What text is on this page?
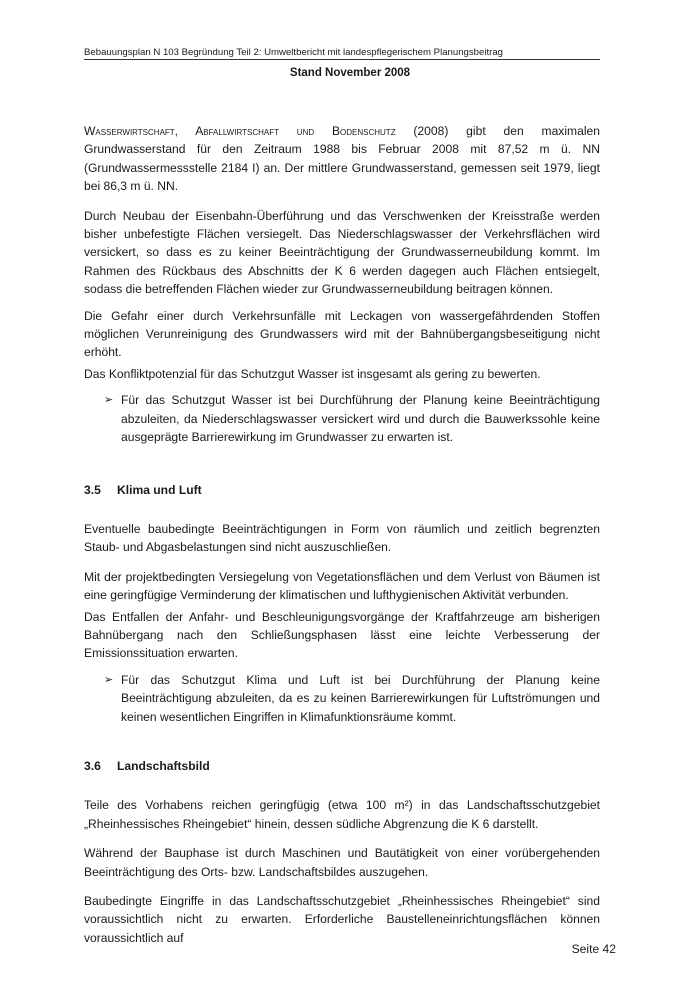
Bebauungsplan N 103 Begründung Teil 2: Umweltbericht mit landespflegerischem Planungsbeitrag
Stand November 2008

Wasserwirtschaft, Abfallwirtschaft und Bodenschutz (2008) gibt den maximalen Grundwasserstand für den Zeitraum 1988 bis Februar 2008 mit 87,52 m ü. NN (Grundwassermessstelle 2184 I) an. Der mittlere Grundwasserstand, gemessen seit 1979, liegt bei 86,3 m ü. NN.

Durch Neubau der Eisenbahn-Überführung und das Verschwenken der Kreisstraße werden bisher unbefestigte Flächen versiegelt. Das Niederschlagswasser der Verkehrsflächen wird versickert, so dass es zu keiner Beeinträchtigung der Grundwasserneubildung kommt. Im Rahmen des Rückbaus des Abschnitts der K 6 werden dagegen auch Flächen entsiegelt, sodass die betreffenden Flächen wieder zur Grundwasserneubildung beitragen können.

Die Gefahr einer durch Verkehrsunfälle mit Leckagen von wassergefährdenden Stoffen möglichen Verunreinigung des Grundwassers wird mit der Bahnübergangsbeseitigung nicht erhöht.

Das Konfliktpotenzial für das Schutzgut Wasser ist insgesamt als gering zu bewerten.

➢ Für das Schutzgut Wasser ist bei Durchführung der Planung keine Beeinträchtigung abzuleiten, da Niederschlagswasser versickert wird und durch die Bauwerkssohle keine ausgeprägte Barrierewirkung im Grundwasser zu erwarten ist.
3.5 Klima und Luft

Eventuelle baubedingte Beeinträchtigungen in Form von räumlich und zeitlich begrenzten Staub- und Abgasbelastungen sind nicht auszuschließen.

Mit der projektbedingten Versiegelung von Vegetationsflächen und dem Verlust von Bäumen ist eine geringfügige Verminderung der klimatischen und lufthygienischen Aktivität verbunden.

Das Entfallen der Anfahr- und Beschleunigungsvorgänge der Kraftfahrzeuge am bisherigen Bahnübergang nach den Schließungsphasen lässt eine leichte Verbesserung der Emissionssituation erwarten.

➢ Für das Schutzgut Klima und Luft ist bei Durchführung der Planung keine Beeinträchtigung abzuleiten, da es zu keinen Barrierewirkungen für Luftströmungen und keinen wesentlichen Eingriffen in Klimafunktionsräume kommt.
3.6 Landschaftsbild

Teile des Vorhabens reichen geringfügig (etwa 100 m²) in das Landschaftsschutzgebiet „Rheinhessisches Rheingebiet“ hinein, dessen südliche Abgrenzung die K 6 darstellt.

Während der Bauphase ist durch Maschinen und Bautätigkeit von einer vorübergehenden Beeinträchtigung des Orts- bzw. Landschaftsbildes auszugehen.

Baubedingte Eingriffe in das Landschaftsschutzgebiet „Rheinhessisches Rheingebiet“ sind voraussichtlich nicht zu erwarten. Erforderliche Baustelleneinrichtungsflächen können voraussichtlich auf

Seite 42
